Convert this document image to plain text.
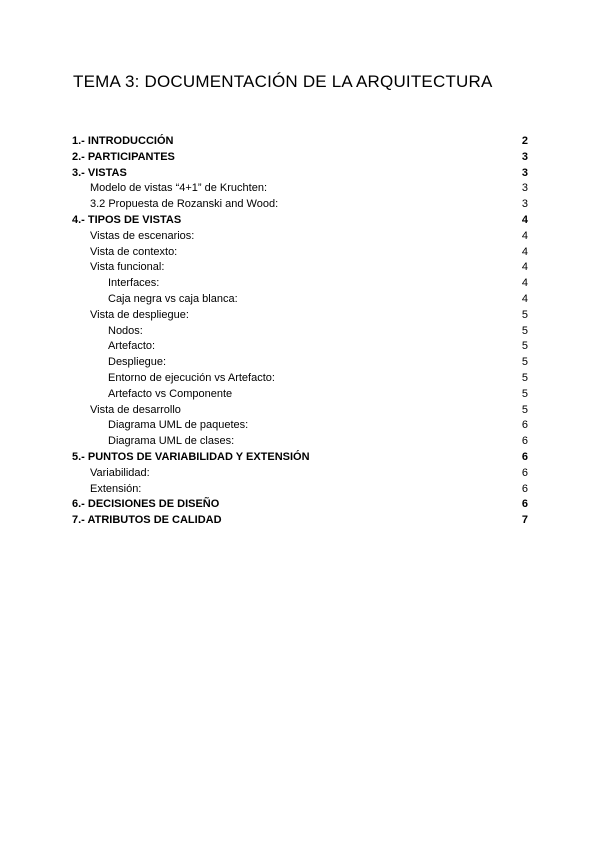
TEMA 3: DOCUMENTACIÓN DE LA ARQUITECTURA
1.- INTRODUCCIÓN	2
2.- PARTICIPANTES	3
3.- VISTAS	3
Modelo de vistas “4+1” de Kruchten:	3
3.2 Propuesta de Rozanski and Wood:	3
4.- TIPOS DE VISTAS	4
Vistas de escenarios:	4
Vista de contexto:	4
Vista funcional:	4
Interfaces:	4
Caja negra vs caja blanca:	4
Vista de despliegue:	5
Nodos:	5
Artefacto:	5
Despliegue:	5
Entorno de ejecución vs Artefacto:	5
Artefacto vs Componente	5
Vista de desarrollo	5
Diagrama UML de paquetes:	6
Diagrama UML de clases:	6
5.- PUNTOS DE VARIABILIDAD Y EXTENSIÓN	6
Variabilidad:	6
Extensión:	6
6.- DECISIONES DE DISEÑO	6
7.- ATRIBUTOS DE CALIDAD	7
